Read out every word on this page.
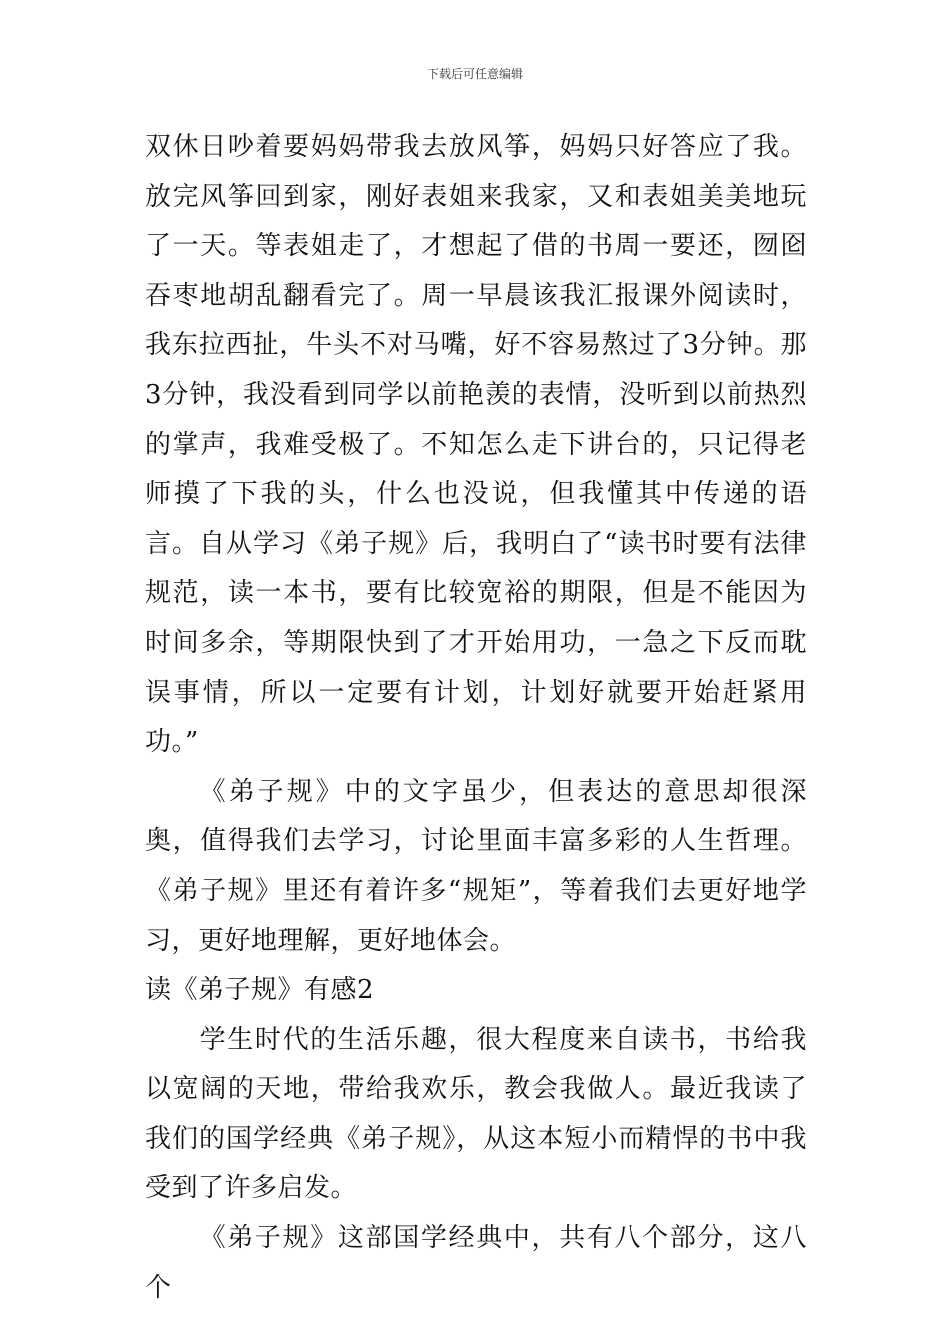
下载后可任意编辑

双休日吵着要妈妈带我去放风筝，妈妈只好答应了我。放完风筝回到家，刚好表姐来我家，又和表姐美美地玩了一天。等表姐走了，才想起了借的书周一要还，囫囵吞枣地胡乱翻看完了。周一早晨该我汇报课外阅读时，我东拉西扯，牛头不对马嘴，好不容易熬过了3分钟。那3分钟，我没看到同学以前艳羡的表情，没听到以前热烈的掌声，我难受极了。不知怎么走下讲台的，只记得老师摸了下我的头，什么也没说，但我懂其中传递的语言。自从学习《弟子规》后，我明白了“读书时要有法律规范，读一本书，要有比较宽裕的期限，但是不能因为时间多余，等期限快到了才开始用功，一急之下反而耽误事情，所以一定要有计划，计划好就要开始赶紧用功。”

《弟子规》中的文字虽少，但表达的意思却很深奥，值得我们去学习，讨论里面丰富多彩的人生哲理。《弟子规》里还有着许多“规矩”，等着我们去更好地学习，更好地理解，更好地体会。

读《弟子规》有感2

学生时代的生活乐趣，很大程度来自读书，书给我以宽阔的天地，带给我欢乐，教会我做人。最近我读了我们的国学经典《弟子规》，从这本短小而精悍的书中我受到了许多启发。

《弟子规》这部国学经典中，共有八个部分，这八个
